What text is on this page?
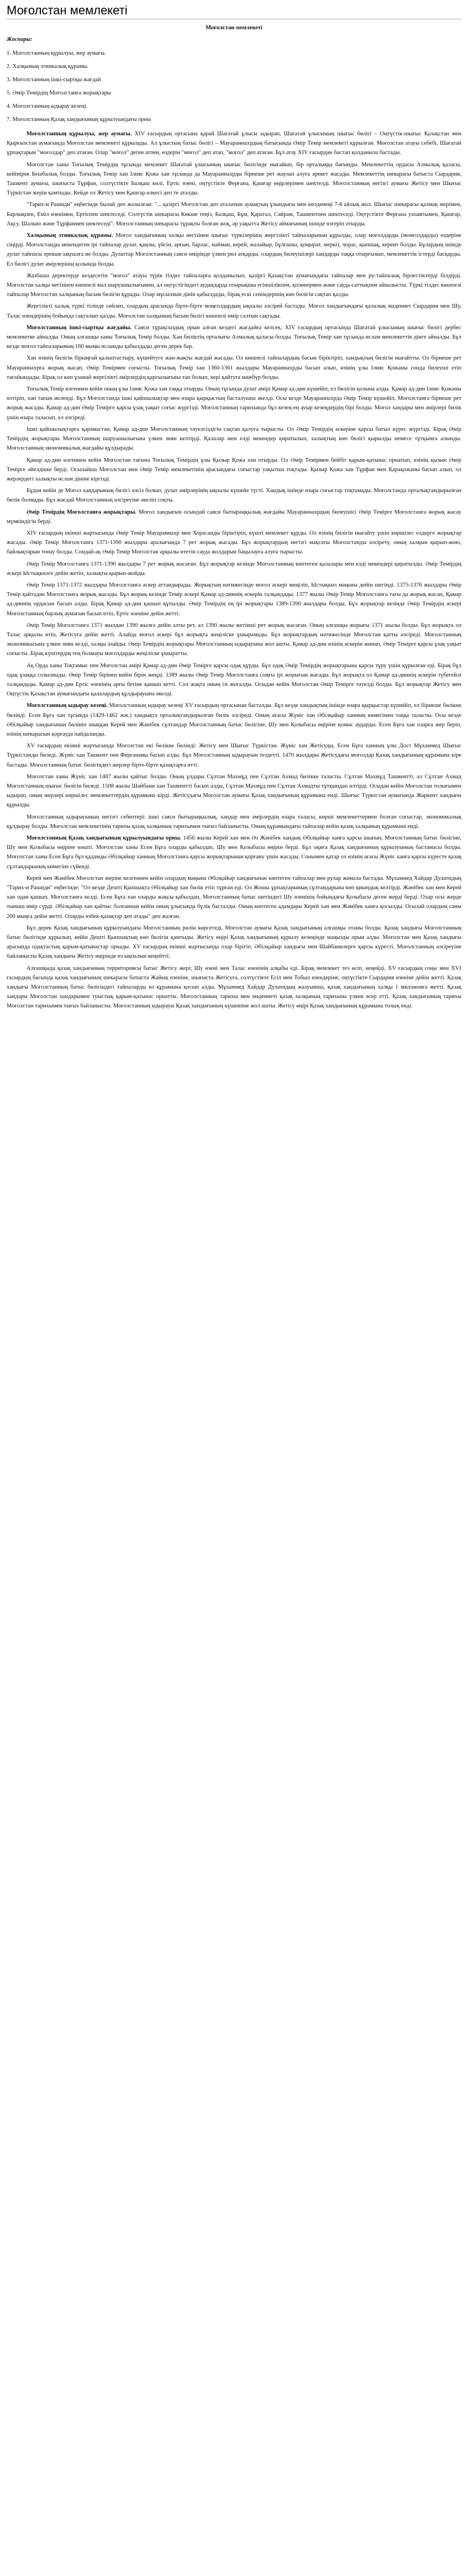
Моғолстан мемлекеті
Моғолстан мемлекеті
Жоспары:
1. Моғолстанның құрылуы, жер аумағы.
2. Халқының этникалық құрамы.
3. Моғолстанның ішкі-сыртқы жағдай
5. Әмір Темірдің Моғолстанға жорықтары
4. Моғолстанның ыдырау кезеңі.
7. Моғолстанның Қазақ хандығының құрылуындағы орны

Моғолстанның құрылуы, жер аумағы. XIV ғасырдың ортасына қарай Шағатай ұлысы ыдырап, Шағатай ұлысының шығыс бөлігі – Оңтүстік-шығыс Қазақстан мен Қырғызстан аумағында Моғолстан мемлекеті құрылады. Ал ұлыстың батыс бөлігі – Мауараннахрдың батысында Әмір Темір мемлекеті құрылған. Моғолстан атауы себебі, Шағатай ұрпақтарын "моғолдар" деп атаған. Олар "моғол" деген атпен, өздерін "моғол" деп атап, "моғол" деп атаған. Бұл атау XIV ғасырдан бастап қолданыла бастады.

Моғолстан ханы Тоғылық Темірдің тұсында мемлекет Шағатай ұлысының шығыс бөлігінде нығайып, бір орталыққа бағынды. Мемлекеттің ордасы Алмалық қаласы, кейінірек Бешбалық болды. Тоғылық Темір хан Ілияс Қожа хан тұсында да Мауараннахрды бірнеше рет жаулап алуға әрекет жасады. Мемлекеттің шекарасы батыста Сырдария, Ташкент аумағы, шығыста Тұрфан, солтүстікте Балқаш көлі, Ертіс өзені, оңтүстікте Ферғана, Қашғар өңірлерімен шектелді. Моғолстанның негізгі аумағы Жетісу мен Шығыс Түркістан жерін қамтыды. Кейде ол Жетісу мен Қашғар өлкесі деп те аталды.

"Тарих-и Рашиди" еңбегінде былай деп жазылған: "... қазіргі Моғолстан деп аталатын аумақтың ұзындығы мен көлденеңі 7-8 айлық жол. Шығыс шекарасы қалмақ жерімен, Барлықпен, Еміл өзенімен, Ертіспен шектеседі. Солтүстік шекарасы Көкше теңіз, Балқаш, Бұм, Қаратал, Сайрам, Ташкентпен шектеседі. Оңтүстікте Ферғана уәлаятымен, Қашғар, Ақсу, Шалыш және Тұрфанмен шектеседі". Моғолстанның шекарасы тұрақты болған жоқ, әр уақытта Жетісу аймағының ішінде өзгеріп отырды.

Халқының этникалық құрамы. Моғол хандығының халқы негізінен шығыс түркілерінің жергілікті тайпаларынан құралды, олар моғолдарды (монғолдарды) өздеріне сіңірді. Моғолстанды мекендеген ірі тайпалар дулат, қаңлы, үйсін, арғын, барлас, найман, керей, жалайыр, бұлғашы, қоңырат, меркіт, чорас, қыпшақ, кереит болды. Бұлардың ішінде дулат тайпасы ерекше ықпалға ие болды. Дулаттар Моғолстанның саяси өмірінде үлкен рөл атқарды, олардың билеушілері хандарды таққа отырғызып, мемлекеттік істерді басқарды. Ел билігі дулат әмірлерінің қолында болды.

Жазбаша деректерде кездесетін "моғол" атауы түрік тілдес тайпаларға қолданылып, қазіргі Қазақстан аумағындағы тайпалар мен ру-тайпалық бірлестіктерді білдірді. Моғолстан халқы негізінен көшпелі мал шаруашылығымен, ал оңтүстігіндегі аудандарда отырықшы егіншілікпен, қолөнермен және сауда-саттықпен айналысты. Түркі тілдес көшпелі тайпалар Моғолстан халқының басым бөлігін құрады. Олар мұсылман дінін қабылдады, бірақ ескі сенімдерінің көп бөлігін сақтап қалды.

Жергілікті халық түркі тілінде сөйлеп, олардың арасында бірте-бірте моңғолдардың ықпалы әлсірей бастады. Моғол хандығындағы қалалық мәдениет Сырдария мен Шу, Талас өзендерінің бойында сақталып қалды. Моғолстан халқының басым бөлігі көшпелі өмір салтын сақтады.

Моғолстанның ішкі-сыртқы жағдайы. Саяси тұрақсыздық орын алған кездегі жағдайға келсек, XIV ғасырдың ортасында Шағатай ұлысының шығыс бөлігі дербес мемлекетке айналды. Оның алғашқы ханы Тоғылық Темір болды. Хан биліктің орталығы Алмалық қаласы болды. Тоғылық Темір хан тұсында ислам мемлекеттік дінге айналды. Бұл кезде моғол тайпаларының 160 мыңы исламды қабылдады деген дерек бар.

Хан өзінің билігін бірыңғай қалыптастыру, күшейтуге жан-жақты жағдай жасады. Ол көшпелі тайпалардың басын біріктіріп, хандықтың билігін нығайтты. Ол бірнеше рет Мауараннахрға жорық жасап, Әмір Темірмен соғысты. Тоғылық Темір хан 1360-1361 жылдары Мауараннахрды басып алып, өзінің ұлы Ілияс Қожаны сонда билеуші етіп тағайындады. Бірақ ол көп ұзамай жергілікті әмірлердің қарсылығына тап болып, кері қайтуға мәжбүр болды.

Тоғылық Темір өлгеннен кейін оның ұлы Ілияс Қожа хан таққа отырды. Оның тұсында дулат әмірі Қамар ад-дин күшейіп, ел билігін қолына алды. Қамар ад-дин Ілияс Қожаны өлтіріп, хан тағын иеленді. Бұл Моғолстанда ішкі қайшылықтар мен өзара қырқыстың басталуына әкелді. Осы кезде Мауараннахрда Әмір Темір күшейіп, Моғолстанға бірнеше рет жорық жасады. Қамар ад-дин Әмір Темірге қарсы ұзақ уақыт соғыс жүргізді. Моғолстанның тарихында бұл кезең ең ауыр кезеңдердің бірі болды. Моғол хандары мен әмірлері билік үшін өзара таласып, ел әлсіреді.

Ішкі қайшылықтарға қарамастан, Қамар ад-дин Моғолстанның тәуелсіздігін сақтап қалуға тырысты. Ол Әмір Темірдің әскеріне қарсы батыл күрес жүргізді. Бірақ Әмір Темірдің жорықтары Моғолстанның шаруашылығына үлкен зиян келтірді. Қалалар мен елді мекендер қиратылып, халықтың көп бөлігі қырылды немесе тұтқынға алынды. Моғолстанның экономикалық жағдайы құлдырады.

Қамар ад-дин өлгеннен кейін Моғолстан тағына Тоғылық Темірдің ұлы Қызыр Қожа хан отырды. Ол Әмір Темірмен бейбіт қарым-қатынас орнатып, өзінің қызын Әмір Темірге әйелдікке берді. Осылайша Моғолстан мен Әмір Темір мемлекетінің арасындағы соғыстар уақытша тоқтады. Қызыр Қожа хан Тұрфан мен Қарақожаны басып алып, ол жерлердегі халықты ислам дініне кіргізді.

Бұдан кейін де Моғол хандарының билігі әлсіз болып, дулат әмірлерінің ықпалы күшейе түсті. Хандық ішінде өзара соғыстар тоқтамады. Моғолстанда орталықтандырылған билік болмады. Бұл жағдай Моғолстанның әлсіреуіне әкеліп соқты.

Әмір Темірдің Моғолстанға жорықтары. Моғол хандығын осындай саяси бытыраңқылық жағдайы Мауараннахрдың билеушісі Әмір Темірге Моғолстанға жорық жасау мүмкіндігін берді.

XIV ғасырдың екінші жартысында Әмір Темір Мауараннахр мен Хорасанды біріктіріп, күшті мемлекет құрды. Ол өзінің билігін нығайту үшін көршілес елдерге жорықтар жасады. Әмір Темір Моғолстанға 1371-1390 жылдары аралығында 7 рет жорық жасады. Бұл жорықтардың негізгі мақсаты Моғолстанды әлсірету, оның халқын қырып-жою, байлықтарын тонау болды. Сондай-ақ Әмір Темір Моғолстан арқылы өтетін сауда жолдарын бақылауға алуға тырысты.

Әмір Темір Моғолстанға 1371-1390 жылдары 7 рет жорық жасаған. Бұл жорықтар кезінде Моғолстанның көптеген қалалары мен елді мекендері қиратылды. Әмір Темірдің әскері Ыстықкөлге дейін жетіп, халықты қырып-жойды.

Әмір Темір 1371-1372 жылдары Моғолстанға әскер аттандырады. Жорықтың нәтижесінде моғол әскері жеңіліп, Ыстықкөл маңына дейін шегінді. 1375-1376 жылдары Әмір Темір қайтадан Моғолстанға жорық жасады. Бұл жорық кезінде Темір әскері Қамар ад-диннің әскерін талқандады. 1377 жылы Әмір Темір Моғолстанға тағы да жорық жасап, Қамар ад-диннің ордасын басып алды. Бірақ Қамар ад-дин қашып құтылды. Әмір Темірдің ең ірі жорықтары 1389-1390 жылдары болды. Бұл жорықтар кезінде Әмір Темірдің әскері Моғолстанның барлық аумағын басып өтіп, Ертіс өзеніне дейін жетті.

Әмір Темір Моғолстанға 1371 жылдан 1390 жылға дейін алты рет, ал 1390 жылы жетінші рет жорық жасаған. Оның алғашқы жорығы 1371 жылы болды. Бұл жорықта ол Талас арқылы өтіп, Жетісуға дейін жетті. Алайда моғол әскері бұл жорықта жеңіліске ұшырамады. Бұл жорықтардың нәтижесінде Моғолстан қатты әлсіреді. Моғолстанның экономикасына үлкен зиян келді, халқы азайды. Әмір Темірдің жорықтары Моғолстанның ыдырауына жол ашты. Қамар ад-дин өзінің әскерін жинап, Әмір Темірге қарсы ұзақ уақыт соғысты. Бірақ күштердің тең болмауы моғолдарды жеңіліске ұшыратты.

Ақ Орда ханы Тоқтамыс пен Моғолстан әмірі Қамар ад-дин Әмір Темірге қарсы одақ құрды. Бұл одақ Әмір Темірдің жорықтарына қарсы тұру үшін құрылған еді. Бірақ бұл одақ ұзаққа созылмады. Әмір Темір бірінен кейін бірін жеңді. 1389 жылы Әмір Темір Моғолстанға соңғы ірі жорығын жасады. Бұл жорықта ол Қамар ад-диннің әскерін түбегейлі талқандады. Қамар ад-дин Ертіс өзенінің арғы бетіне қашып кетті. Сол жақта оның ізі жоғалды. Осыдан кейін Моғолстан Әмір Темірге тәуелді болды. Бұл жорықтар Жетісу мен Оңтүстік Қазақстан аумағындағы қалалардың құлдырауына әкелді.

Моғолстанның ыдырау кезеңі. Моғолстанның ыдырау кезеңі XV ғасырдың ортасынан басталды. Бұл кезде хандықтың ішінде өзара қырқыстар күшейіп, ел бірнеше бөлікке бөлінді. Есен Бұға хан тұсында (1429-1462 жж.) хандықта орталықтандырылған билік әлсіреді. Оның ағасы Жүніс хан Әбілқайыр ханның көмегімен таққа таласты. Осы кезде Әбілқайыр хандығынан бөлініп шыққан Керей мен Жәнібек сұлтандар Моғолстанның батыс бөлігіне, Шу мен Қозыбасы өңіріне қоныс аударды. Есен Бұға хан оларға жер беріп, өзінің шекарасын қорғауда пайдаланды.

XV ғасырдың екінші жартысында Моғолстан екі бөлікке бөлінді: Жетісу мен Шығыс Түркістан. Жүніс хан Жетісуды, Есен Бұға ханның ұлы Дост Мұхаммед Шығыс Түркістанды биледі. Жүніс хан Ташкент пен Ферғананы басып алды. Бұл Моғолстанның ыдырауын тездетті. 1470 жылдары Жетісудағы моғолдар Қазақ хандығының құрамына кіре бастады. Моғолстанның батыс бөлігіндегі жерлер бірте-бірте қазақтарға өтті.

Моғолстан ханы Жүніс хан 1487 жылы қайтыс болды. Оның ұлдары Сұлтан Махмұд пен Сұлтан Ахмад билікке таласты. Сұлтан Махмұд Ташкентті, ал Сұлтан Ахмад Моғолстанның шығыс бөлігін биледі. 1508 жылы Шайбани хан Ташкентті басып алды, Сұлтан Махмұд пен Сұлтан Ахмадты тұтқындап өлтірді. Осыдан кейін Моғолстан толығымен ыдырап, оның жерлері көршілес мемлекеттердің құрамына кірді. Жетісудағы Моғолстан аумағы Қазақ хандығының құрамына енді. Шығыс Түркістан аумағында Жаркент хандығы құрылды.

Моғолстанның ыдырауының негізгі себептері: ішкі саяси бытыраңқылық, хандар мен әмірлердің өзара таласы, көрші мемлекеттермен болған соғыстар, экономикалық құлдырау болды. Моғолстан мемлекетінің тарихы қазақ халқының тарихымен тығыз байланысты. Оның құрамындағы тайпалар кейін қазақ халқының құрамына енді.

Моғолстанның Қазақ хандығының құрылуындағы орны. 1456 жылы Керей хан мен Әз Жәнібек хандық Әбілқайыр ханға қарсы шығып, Моғолстанның батыс бөлігіне, Шу мен Қозыбасы өңіріне көшті. Моғолстан ханы Есен Бұға оларды қабылдап, Шу мен Қозыбасы өңірін берді. Бұл оқиға Қазақ хандығының құрылуының бастамасы болды. Моғолстан ханы Есен Бұға бұл қадамды Әбілқайыр ханның Моғолстанға қарсы жорықтарынан қорғану үшін жасады. Сонымен қатар ол өзінің ағасы Жүніс ханға қарсы күресте қазақ сұлтандарының көмегіне сүйенді.

Керей мен Жәнібек Моғолстан жеріне келгеннен кейін олардың маңына Әбілқайыр хандығынан көптеген тайпалар мен рулар жинала бастады. Мұхаммед Хайдар Дулатидың "Тарих-и Рашиди" еңбегінде: "Ол кезде Дешті Қыпшақта Әбілқайыр хан билік етіп тұрған еді. Ол Жошы ұрпақтарының сұлтандарына көп қиындық келтірді. Жәнібек хан мен Керей хан одан қашып, Моғолстанға келді. Есен Бұға хан оларды жақсы қабылдап, Моғолстанның батыс шетіндегі Шу өзенінің бойындағы Қозыбасы деген жерді берді. Олар осы жерде тыныш өмір сүрді. Әбілқайыр хан қайтыс болғаннан кейін оның ұлысында бүлік басталды. Оның көптеген адамдары Керей хан мен Жәнібек ханға қосылды. Осылай олардың саны 200 мыңға дейін жетті. Оларды өзбек-қазақтар деп атады" деп жазған.

Бұл дерек Қазақ хандығының құрылуындағы Моғолстанның рөлін көрсетеді. Моғолстан аумағы Қазақ хандығының алғашқы отаны болды. Қазақ хандығы Моғолстанның батыс бөлігінде құрылып, кейін Дешті Қыпшақтың көп бөлігін қамтыды. Жетісу өңірі Қазақ хандығының құрылу кезеңінде маңызды орын алды. Моғолстан мен Қазақ хандығы арасында одақтастық қарым-қатынастар орнады. XV ғасырдың екінші жартысында олар бірігіп, Әбілқайыр хандығы мен Шайбанилерге қарсы күресті. Моғолстанның әлсіреуіне байланысты Қазақ хандығы Жетісу өңірінде өз ықпалын кеңейтті.

Алғашқыда қазақ хандығының территориясы батыс Жетісу жері; Шу өзені мен Талас өзенінің алқабы еді. Бірақ мемлекет тез өсіп, кеңейді. XV ғасырдың соңы мен XVI ғасырдың басында қазақ хандығының шекарасы батыста Жайық өзеніне, шығыста Жетісуға, солтүстікте Есіл мен Тобыл өзендеріне, оңтүстікте Сырдария өзеніне дейін жетті. Қазақ хандығы Моғолстанның батыс бөлігіндегі тайпаларды өз құрамына қосып алды. Мұхаммед Хайдар Дулатидың жазуынша, қазақ хандығының халқы 1 миллионға жетті. Қазақ хандары Моғолстан хандарымен туыстық қарым-қатынас орнатты. Моғолстанның тарихы мен мәдениеті қазақ халқының тарихына үлкен әсер етті. Қазақ хандығының тарихы Моғолстан тарихымен тығыз байланысты. Моғолстанның ыдырауы Қазақ хандығының күшеюіне жол ашты. Жетісу өңірі Қазақ хандығының құрамына толық енді.
